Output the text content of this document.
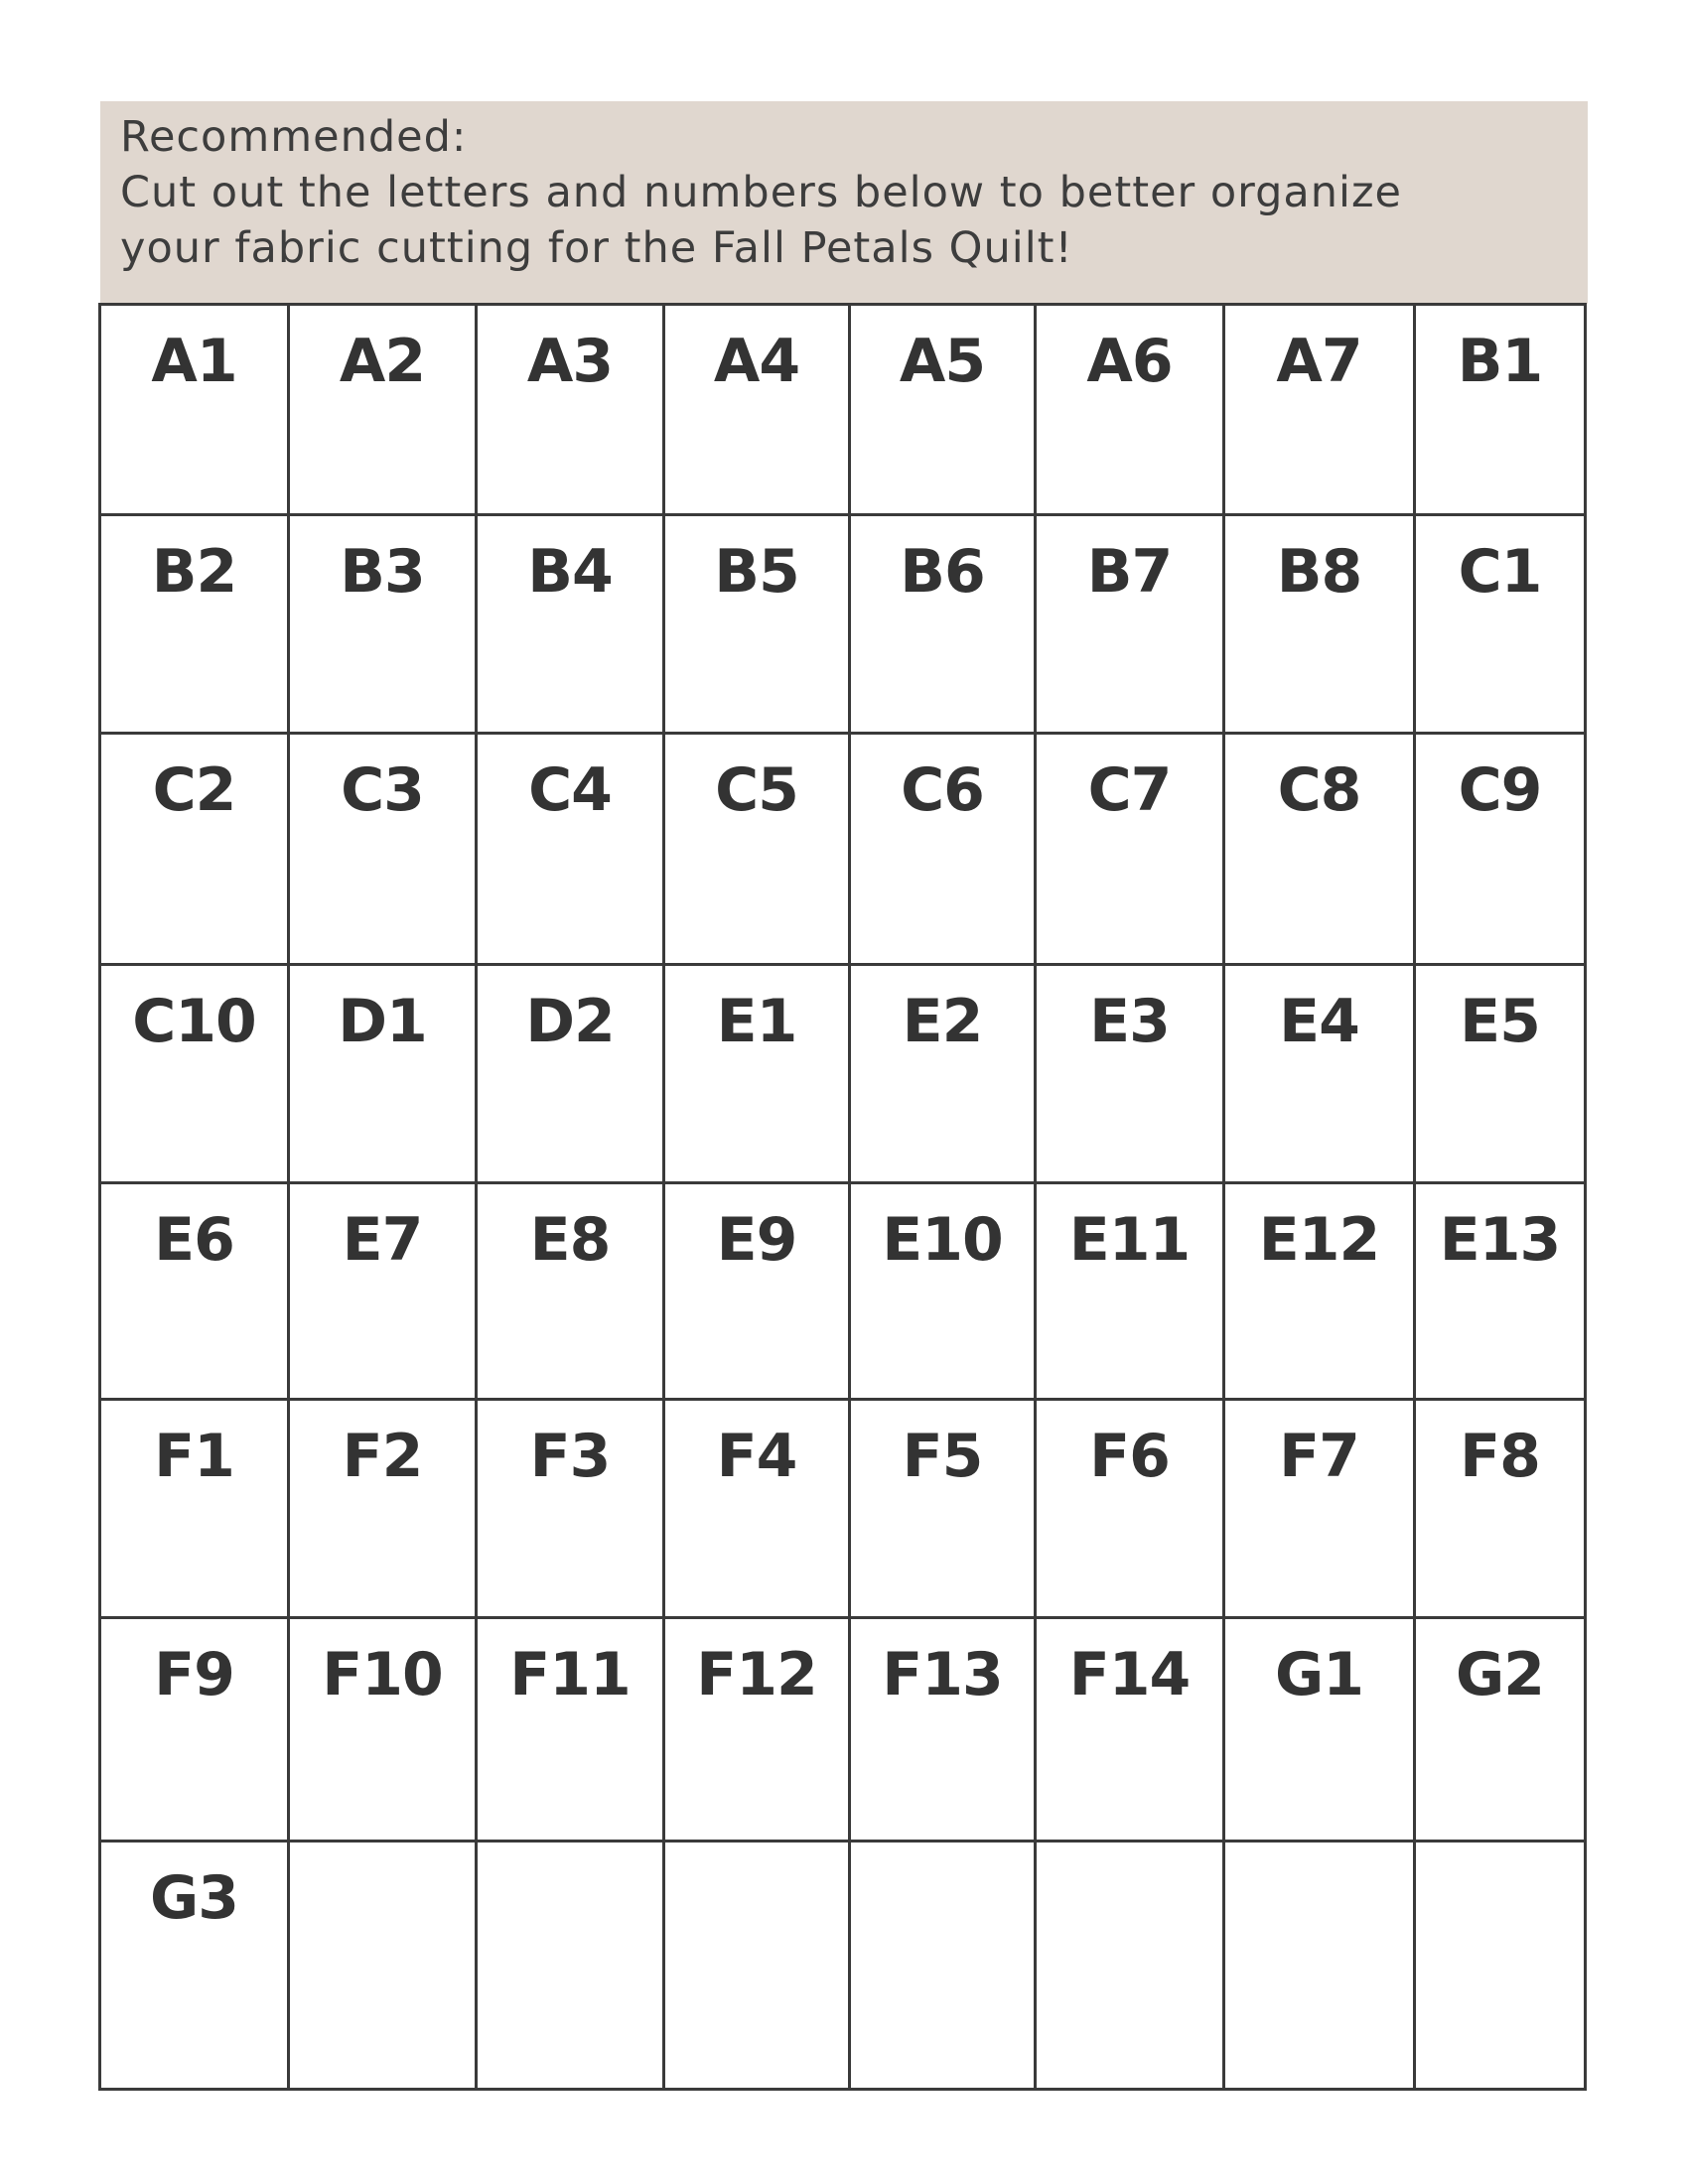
Recommended:
Cut out the letters and numbers below to better organize
your fabric cutting for the Fall Petals Quilt!
A1	A2	A3	A4	A5	A6	A7	B1

B2	B3	B4	B5	B6	B7	B8	C1

C2	C3	C4	C5	C6	C7	C8	C9

C10	D1	D2	E1	E2	E3	E4	E5

E6	E7	E8	E9	E10	E11	E12	E13

F1	F2	F3	F4	F5	F6	F7	F8

F9	F10	F11	F12	F13	F14	G1	G2

G3							
